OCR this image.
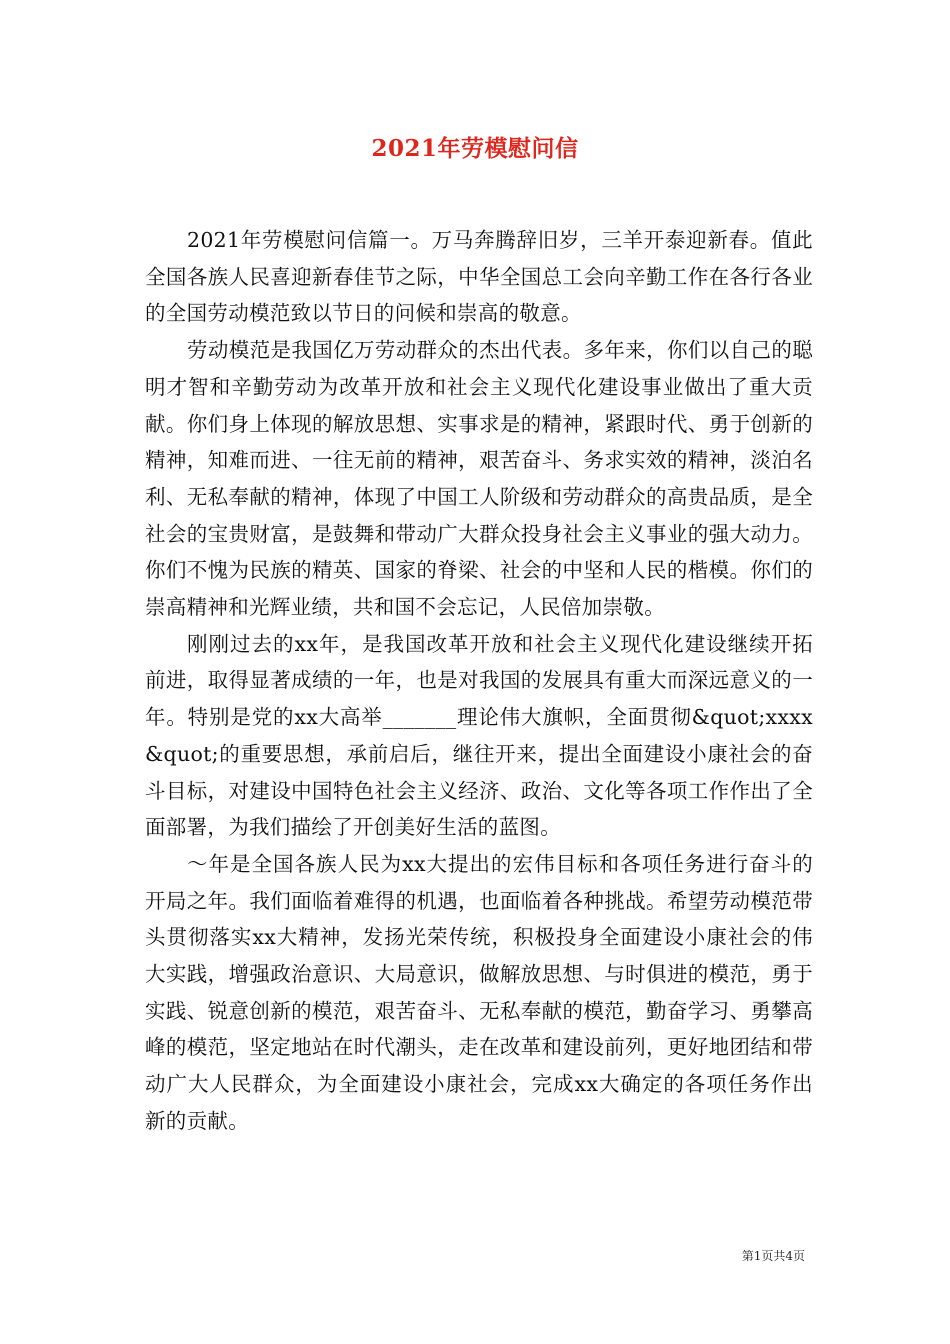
2021年劳模慰问信

2021年劳模慰问信篇一。万马奔腾辞旧岁，三羊开泰迎新春。值此全国各族人民喜迎新春佳节之际，中华全国总工会向辛勤工作在各行各业的全国劳动模范致以节日的问候和崇高的敬意。

劳动模范是我国亿万劳动群众的杰出代表。多年来，你们以自己的聪明才智和辛勤劳动为改革开放和社会主义现代化建设事业做出了重大贡献。你们身上体现的解放思想、实事求是的精神，紧跟时代、勇于创新的精神，知难而进、一往无前的精神，艰苦奋斗、务求实效的精神，淡泊名利、无私奉献的精神，体现了中国工人阶级和劳动群众的高贵品质，是全社会的宝贵财富，是鼓舞和带动广大群众投身社会主义事业的强大动力。你们不愧为民族的精英、国家的脊梁、社会的中坚和人民的楷模。你们的崇高精神和光辉业绩，共和国不会忘记，人民倍加崇敬。

刚刚过去的xx年，是我国改革开放和社会主义现代化建设继续开拓前进，取得显著成绩的一年，也是对我国的发展具有重大而深远意义的一年。特别是党的xx大高举_______理论伟大旗帜，全面贯彻&quot;xxxx&quot;的重要思想，承前启后，继往开来，提出全面建设小康社会的奋斗目标，对建设中国特色社会主义经济、政治、文化等各项工作作出了全面部署，为我们描绘了开创美好生活的蓝图。

～年是全国各族人民为xx大提出的宏伟目标和各项任务进行奋斗的开局之年。我们面临着难得的机遇，也面临着各种挑战。希望劳动模范带头贯彻落实xx大精神，发扬光荣传统，积极投身全面建设小康社会的伟大实践，增强政治意识、大局意识，做解放思想、与时俱进的模范，勇于实践、锐意创新的模范，艰苦奋斗、无私奉献的模范，勤奋学习、勇攀高峰的模范，坚定地站在时代潮头，走在改革和建设前列，更好地团结和带动广大人民群众，为全面建设小康社会，完成xx大确定的各项任务作出新的贡献。

第1页共4页
